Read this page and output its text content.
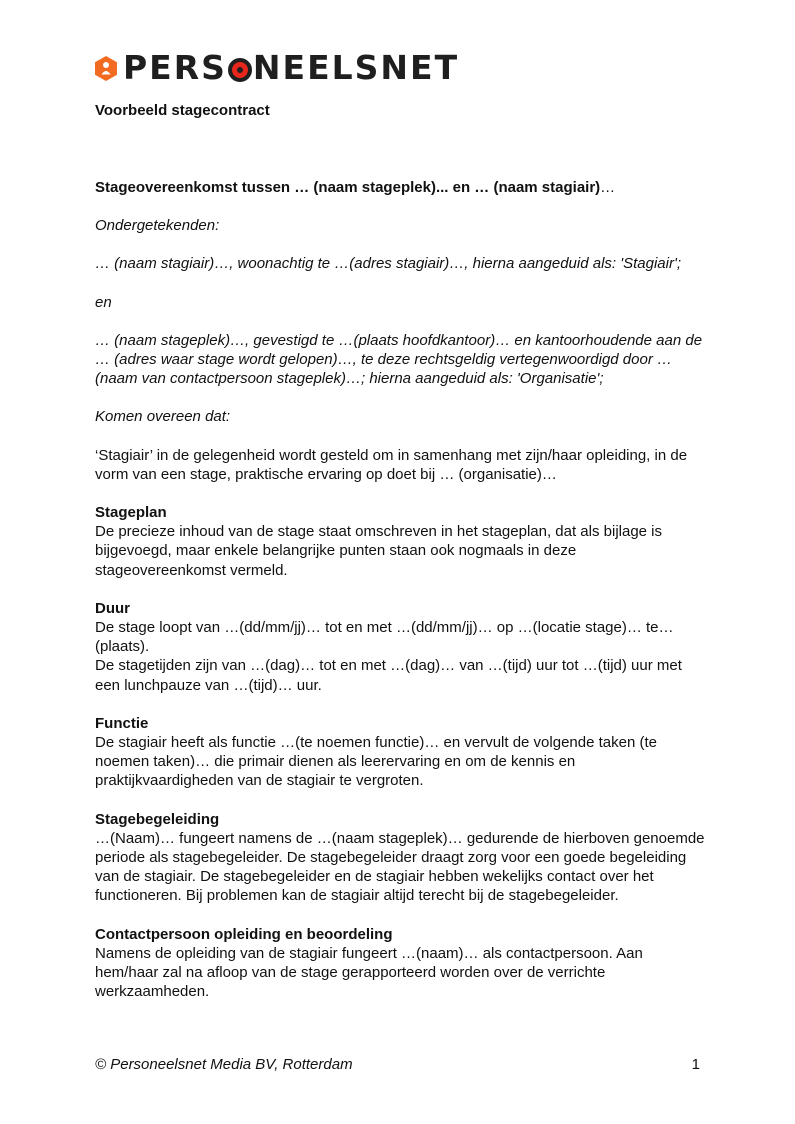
PERS NEELSNET
Voorbeeld stagecontract

Stageovereenkomst tussen … (naam stageplek)... en … (naam stagiair)…

Ondergetekenden:

… (naam stagiair)…, woonachtig te …(adres stagiair)…, hierna aangeduid als: 'Stagiair';

en

… (naam stageplek)…, gevestigd te …(plaats hoofdkantoor)… en kantoorhoudende aan de … (adres waar stage wordt gelopen)…, te deze rechtsgeldig vertegenwoordigd door … (naam van contactpersoon stageplek)…; hierna aangeduid als: 'Organisatie';

Komen overeen dat:

‘Stagiair’ in de gelegenheid wordt gesteld om in samenhang met zijn/haar opleiding, in de vorm van een stage, praktische ervaring op doet bij … (organisatie)…

Stageplan

De precieze inhoud van de stage staat omschreven in het stageplan, dat als bijlage is bijgevoegd, maar enkele belangrijke punten staan ook nogmaals in deze stageovereenkomst vermeld.

Duur

De stage loopt van …(dd/mm/jj)… tot en met …(dd/mm/jj)… op …(locatie stage)… te…(plaats).

De stagetijden zijn van …(dag)… tot en met …(dag)… van …(tijd) uur tot …(tijd) uur met een lunchpauze van …(tijd)… uur.

Functie

De stagiair heeft als functie …(te noemen functie)… en vervult de volgende taken (te noemen taken)… die primair dienen als leerervaring en om de kennis en praktijkvaardigheden van de stagiair te vergroten.

Stagebegeleiding

…(Naam)… fungeert namens de …(naam stageplek)… gedurende de hierboven genoemde periode als stagebegeleider. De stagebegeleider draagt zorg voor een goede begeleiding van de stagiair. De stagebegeleider en de stagiair hebben wekelijks contact over het functioneren. Bij problemen kan de stagiair altijd terecht bij de stagebegeleider.

Contactpersoon opleiding en beoordeling

Namens de opleiding van de stagiair fungeert …(naam)… als contactpersoon. Aan hem/haar zal na afloop van de stage gerapporteerd worden over de verrichte werkzaamheden.

© Personeelsnet Media BV, Rotterdam	1
